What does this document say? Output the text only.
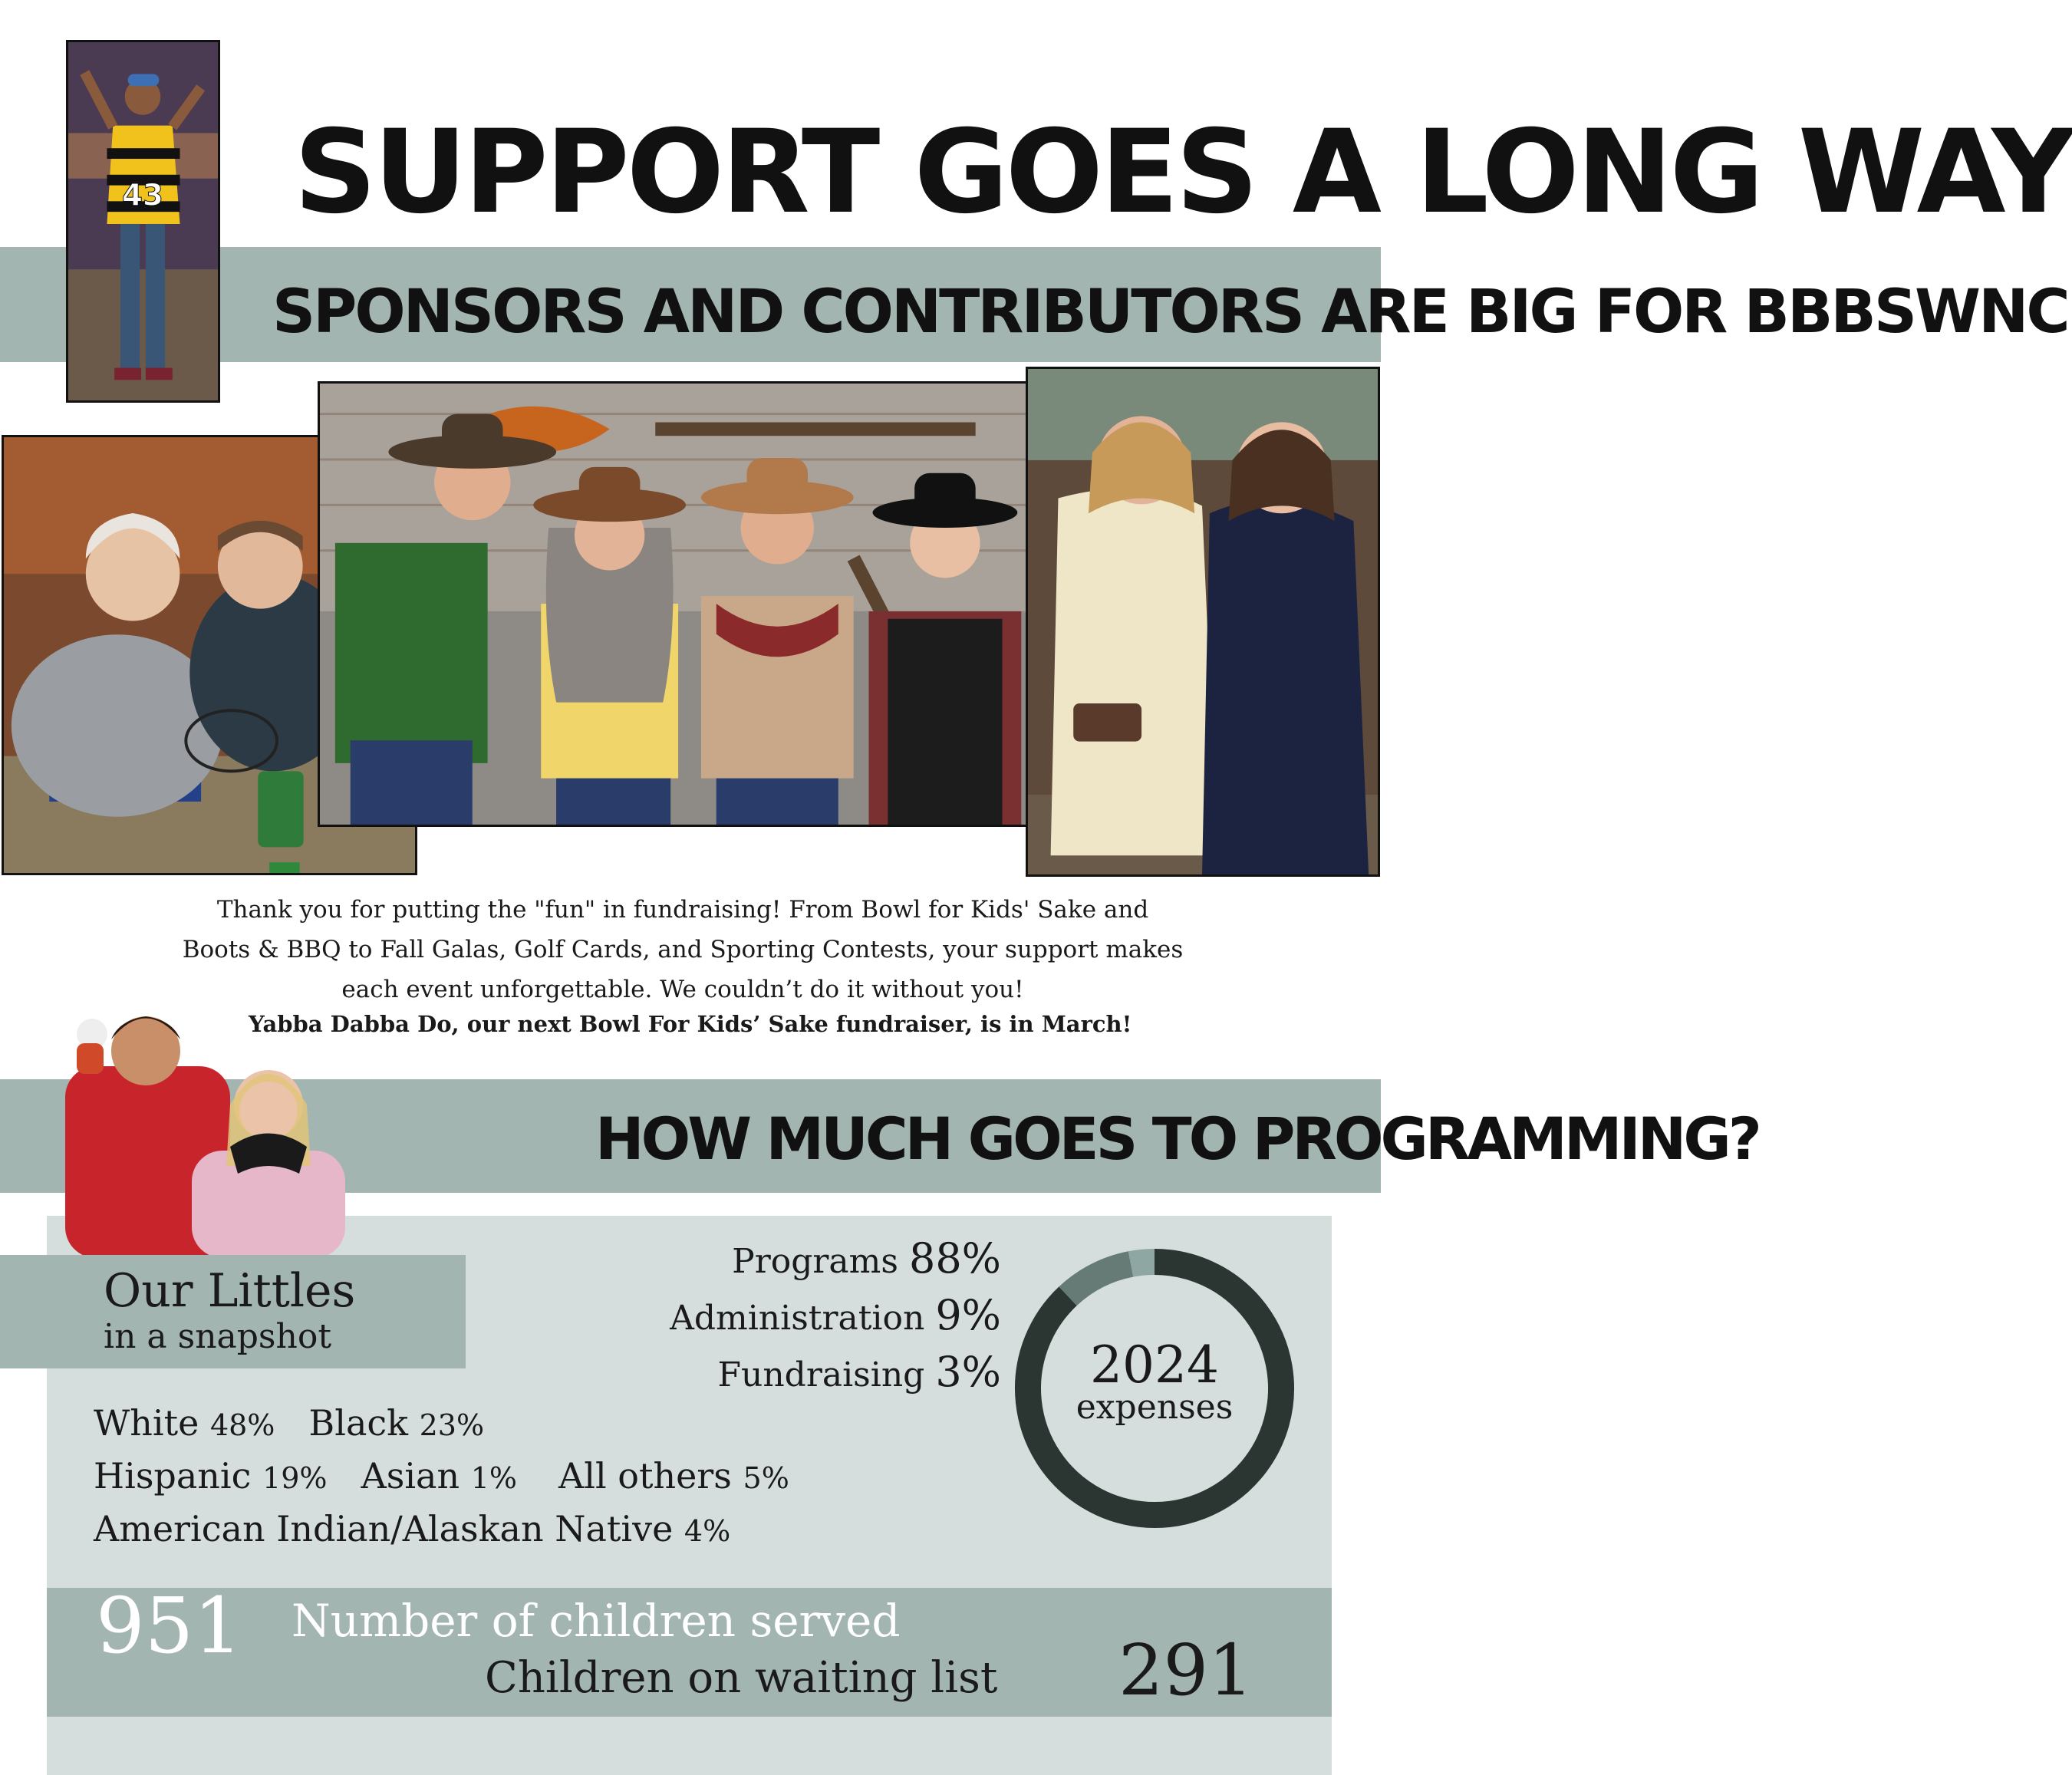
SUPPORT GOES A LONG WAY
SPONSORS AND CONTRIBUTORS ARE BIG FOR BBBSWNC
43
Thank you for putting the "fun" in fundraising! From Bowl for Kids' Sake and
Boots & BBQ to Fall Galas, Golf Cards, and Sporting Contests, your support makes
each event unforgettable. We couldn’t do it without you!
Yabba Dabba Do, our next Bowl For Kids’ Sake fundraiser, is in March!
HOW MUCH GOES TO PROGRAMMING?
Our Littles
in a snapshot
Programs 88%
Administration 9%
Fundraising 3%	2024
expenses
White 48% Black 23%
Hispanic 19% Asian 1% All others 5%
American Indian/Alaskan Native 4%
951 Number of children served
Children on waiting list 291
